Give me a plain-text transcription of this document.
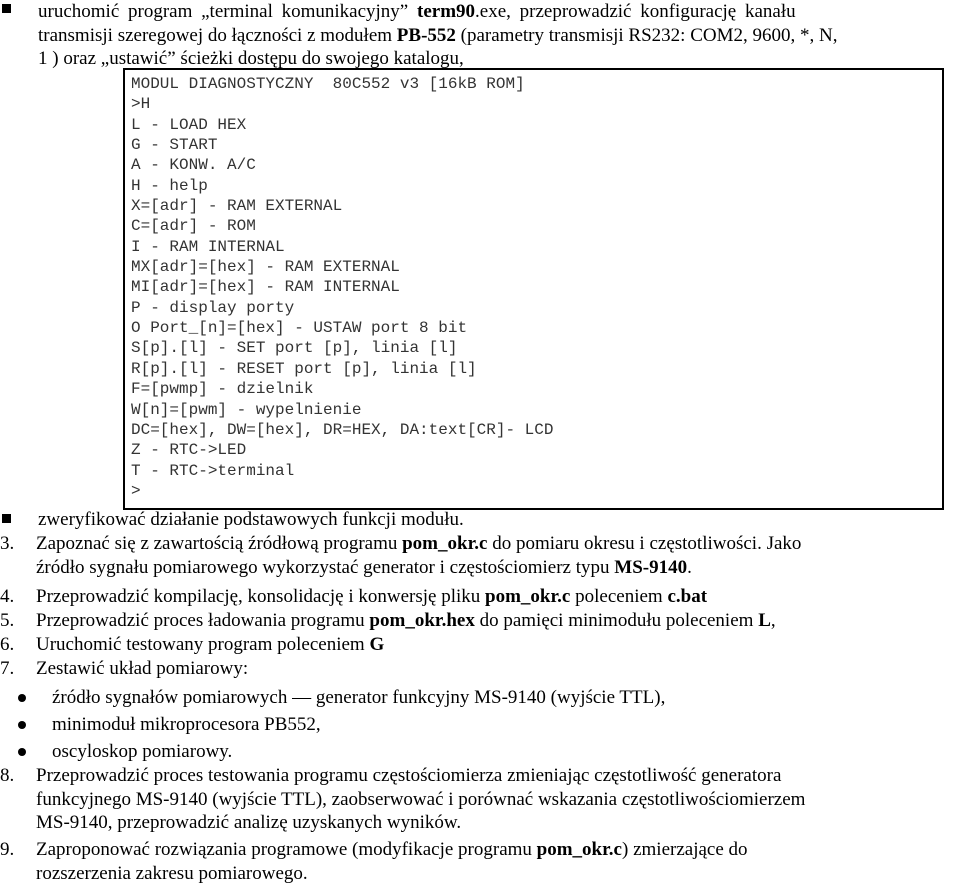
uruchomić program „terminal komunikacyjny” term90.exe, przeprowadzić konfigurację kanału
transmisji szeregowej do łączności z modułem PB-552 (parametry transmisji RS232: COM2, 9600, *, N,
1 ) oraz „ustawić” ścieżki dostępu do swojego katalogu,
MODUL DIAGNOSTYCZNY  80C552 v3 [16kB ROM]
>H
L - LOAD HEX
G - START
A - KONW. A/C
H - help
X=[adr] - RAM EXTERNAL
C=[adr] - ROM
I - RAM INTERNAL
MX[adr]=[hex] - RAM EXTERNAL
MI[adr]=[hex] - RAM INTERNAL
P - display porty
O Port_[n]=[hex] - USTAW port 8 bit
S[p].[l] - SET port [p], linia [l]
R[p].[l] - RESET port [p], linia [l]
F=[pwmp] - dzielnik
W[n]=[pwm] - wypelnienie
DC=[hex], DW=[hex], DR=HEX, DA:text[CR]- LCD
Z - RTC->LED
T - RTC->terminal
>
zweryfikować działanie podstawowych funkcji modułu.
3. Zapoznać się z zawartością źródłową programu pom_okr.c do pomiaru okresu i częstotliwości. Jako
źródło sygnału pomiarowego wykorzystać generator i częstościomierz typu MS-9140.
4. Przeprowadzić kompilację, konsolidację i konwersję pliku pom_okr.c poleceniem c.bat
5. Przeprowadzić proces ładowania programu pom_okr.hex do pamięci minimodułu poleceniem L,
6. Uruchomić testowany program poleceniem G
7. Zestawić układ pomiarowy:
źródło sygnałów pomiarowych — generator funkcyjny MS-9140 (wyjście TTL),
minimoduł mikroprocesora PB552,
oscyloskop pomiarowy.
8. Przeprowadzić proces testowania programu częstościomierza zmieniając częstotliwość generatora
funkcyjnego MS-9140 (wyjście TTL), zaobserwować i porównać wskazania częstotliwościomierzem
MS-9140, przeprowadzić analizę uzyskanych wyników.
9. Zaproponować rozwiązania programowe (modyfikacje programu pom_okr.c) zmierzające do
rozszerzenia zakresu pomiarowego.
